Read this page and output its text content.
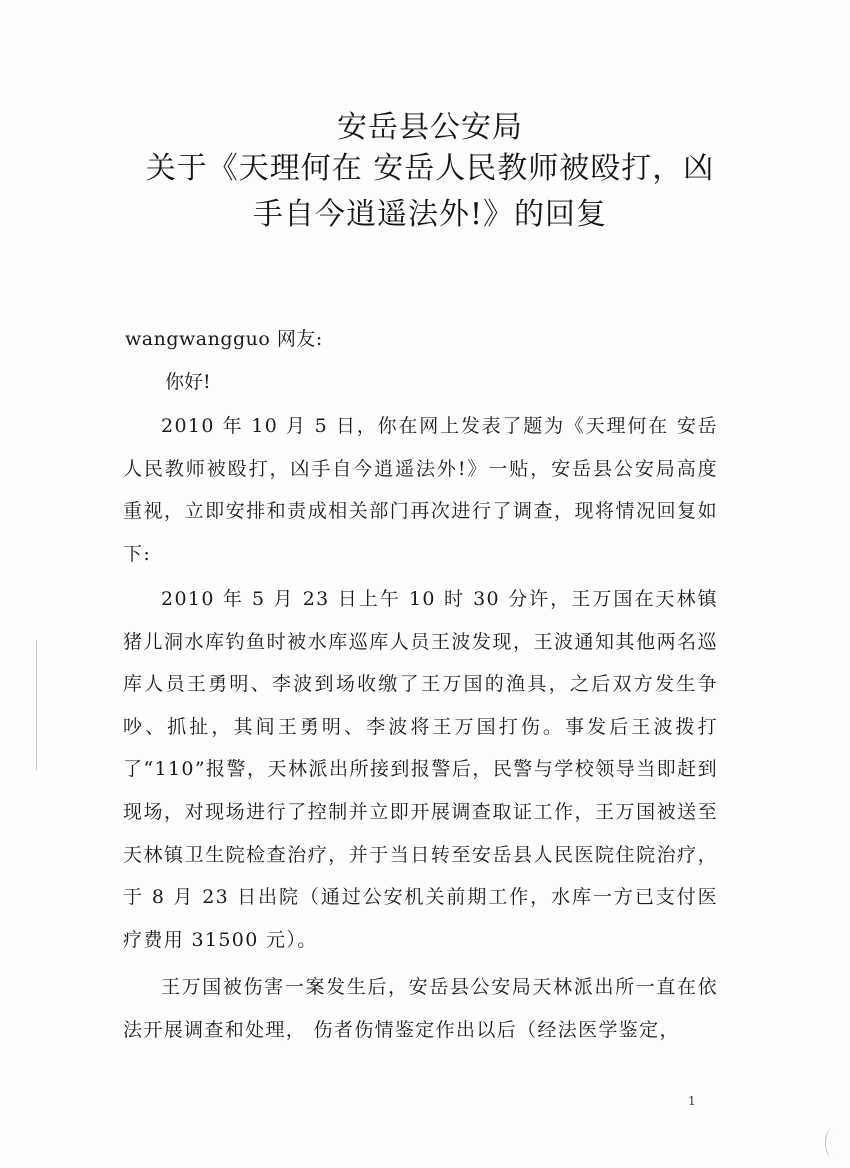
安岳县公安局
关于《天理何在 安岳人民教师被殴打，凶
手自今逍遥法外!》的回复
wangwangguo 网友:
你好!
2010 年 10 月 5 日，你在网上发表了题为《天理何在 安岳人民教师被殴打，凶手自今逍遥法外!》一贴，安岳县公安局高度重视，立即安排和责成相关部门再次进行了调查，现将情况回复如下:
2010 年 5 月 23 日上午 10 时 30 分许，王万国在天林镇猪儿洞水库钓鱼时被水库巡库人员王波发现，王波通知其他两名巡库人员王勇明、李波到场收缴了王万国的渔具，之后双方发生争吵、抓扯，其间王勇明、李波将王万国打伤。事发后王波拨打了“110”报警，天林派出所接到报警后，民警与学校领导当即赶到现场，对现场进行了控制并立即开展调查取证工作，王万国被送至天林镇卫生院检查治疗，并于当日转至安岳县人民医院住院治疗，于 8 月 23 日出院（通过公安机关前期工作，水库一方已支付医疗费用 31500 元）。
王万国被伤害一案发生后，安岳县公安局天林派出所一直在依法开展调查和处理， 伤者伤情鉴定作出以后（经法医学鉴定，
1
